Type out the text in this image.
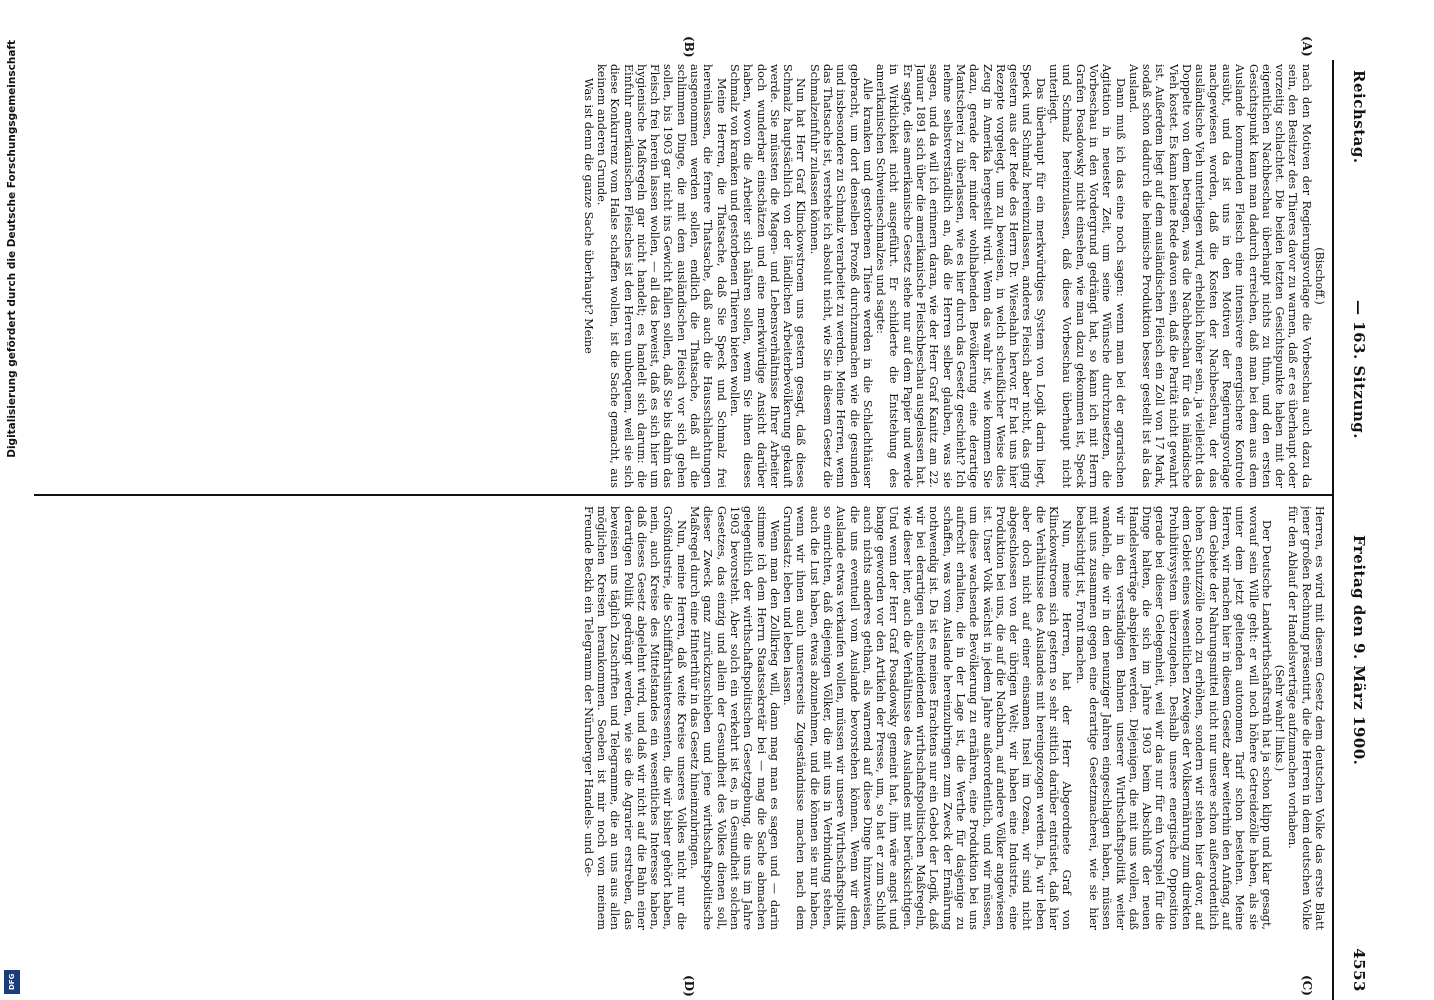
Reichstag.
— 163. Sitzung.
Freitag den 9. März 1900.
4553
(A)
(B)
(C)
(D)

(Bischoff.)

nach den Motiven der Regierungsvorlage die Vorbeschau auch dazu da sein, den Besitzer des Thieres davor zu warnen, daß er es überhaupt oder vorzeitig schlachtet. Die beiden letzten Gesichtspunkte haben mit der eigentlichen Nachbeschau überhaupt nichts zu thun, und den ersten Gesichtspunkt kann man dadurch erreichen, daß man bei dem aus dem Auslande kommenden Fleisch eine intensivere energischere Kontrole ausübt, und da ist uns in den Motiven der Regierungsvorlage nachgewiesen worden, daß die Kosten der Nachbeschau, der das ausländische Vieh unterliegen wird, erheblich höher sein, ja vielleicht das Doppelte von dem betragen, was die Nachbeschau für das inländische Vieh kostet. Es kann keine Rede davon sein, daß die Parität nicht gewahrt ist. Außerdem liegt auf dem ausländischen Fleisch ein Zoll von 17 Mark, sodaß schon dadurch die heimische Produktion besser gestellt ist als das Ausland.

Dann muß ich das eine noch sagen: wenn man bei der agrarischen Agitation in neuester Zeit, um seine Wünsche durchzusetzen, die Vorbeschau in den Vordergrund gedrängt hat, so kann ich mit Herrn Grafen Posadowsky nicht einsehen, wie man dazu gekommen ist, Speck und Schmalz hereinzulassen, daß diese Vorbeschau überhaupt nicht unterliegt.

Das überhaupt für ein merkwürdiges System von Logik darin liegt, Speck und Schmalz hereinzulassen, anderes Fleisch aber nicht, das ging gestern aus der Rede des Herrn Dr. Wiesehahn hervor. Er hat uns hier Rezepte vorgelegt, um zu beweisen, in welch scheußlicher Weise dies Zeug in Amerika hergestellt wird. Wenn das wahr ist, wie kommen Sie dazu, gerade der minder wohlhabenden Bevölkerung eine derartige Mantscherei zu überlassen, wie es hier durch das Gesetz geschieht? Ich nehme selbstverständlich an, daß die Herren selber glauben, was sie sagen, und da will ich erinnern daran, wie der Herr Graf Kanitz am 22. Januar 1891 sich über die amerikanische Fleischbeschau ausgelassen hat. Er sagte, dies amerikanische Gesetz stehe nur auf dem Papier und werde in Wirklichkeit nicht ausgeführt. Er schilderte die Entstehung des amerikanischen Schweineschmalzes und sagte:

Alle kranken und gestorbenen Thiere werden in die Schlachthäuser gebracht, um dort denselben Prozeß durchzumachen wie die gesunden und insbesondere zu Schmalz verarbeitet zu werden. Meine Herren, wenn das Thatsache ist, verstehe ich absolut nicht, wie Sie in diesem Gesetz die Schmalzeinfuhr zulassen können.

Nun hat Herr Graf Klinckowstroem uns gestern gesagt, daß dieses Schmalz hauptsächlich von der ländlichen Arbeiterbevölkerung gekauft werde. Sie müssten die Magen- und Lebensverhältnisse Ihrer Arbeiter doch wunderbar einschätzen und eine merkwürdige Ansicht darüber haben, wovon die Arbeiter sich nähren sollen, wenn Sie ihnen dieses Schmalz von kranken und gestorbenen Thieren bieten wollen.

Meine Herren, die Thatsache, daß Sie Speck und Schmalz frei hereinlassen, die fernere Thatsache, daß auch die Hausschlachtungen ausgenommen werden sollen, endlich die Thatsache, daß all die schlimmen Dinge, die mit dem ausländischen Fleisch vor sich gehen sollen, bis 1903 gar nicht ins Gewicht fallen sollen, daß Sie bis dahin das Fleisch frei herein lassen wollen, — all das beweist, daß es sich hier um hygienische Maßregeln gar nicht handelt; es handelt sich darum: die Einfuhr amerikanischen Fleisches ist den Herren unbequem, weil sie sich diese Konkurrenz vom Halse schaffen wollen, ist die Sache gemacht, aus keinem anderen Grunde.

Was ist denn die ganze Sache überhaupt? Meine

Herren, es wird mit diesem Gesetz dem deutschen Volke das erste Blatt jener großen Rechnung präsentirt, die die Herren in dem deutschen Volke für den Ablauf der Handelsverträge aufzumachen vorhaben.

(Sehr wahr! links.)

Der Deutsche Landwirthschaftsrath hat ja schon klipp und klar gesagt, worauf sein Wille geht: er will noch höhere Getreidezölle haben, als sie unter dem jetzt geltenden autonomen Tarif schon bestehen. Meine Herren, wir machen hier in diesem Gesetz aber weiterhin den Anfang, auf dem Gebiete der Nahrungsmittel nicht nur unsere schon außerordentlich hohen Schutzzölle noch zu erhöhen, sondern wir stehen hier davor, auf dem Gebiet eines wesentlichen Zweiges der Volksernährung zum direkten Prohibitivsystem überzugehen. Deshalb unsere energische Opposition gerade bei dieser Gelegenheit, weil wir das nur für ein Vorspiel für die Dinge halten, die sich im Jahre 1903 beim Abschluß der neuen Handelsverträge abspielen werden. Diejenigen, die mit uns wollen, daß wir in den verständigen Bahnen unserer Wirthschaftspolitik weiter wandeln, die wir in den neunziger Jahren eingeschlagen haben, müssen mit uns zusammen gegen eine derartige Gesetzmacherei, wie sie hier beabsichtigt ist, Front machen.

Nun, meine Herren, hat der Herr Abgeordnete Graf von Klinckowstroem sich gestern so sehr sittlich darüber entrüstet, daß hier die Verhältnisse des Auslandes mit hereingezogen werden. Ja, wir leben aber doch nicht auf einer einsamen Insel im Ozean, wir sind nicht abgeschlossen von der übrigen Welt; wir haben eine Industrie, eine Produktion bei uns, die auf die Nachbarn, auf andere Völker angewiesen ist. Unser Volk wächst in jedem Jahre außerordentlich, und wir müssen, um diese wachsende Bevölkerung zu ernähren, eine Produktion bei uns aufrecht erhalten, die in der Lage ist, die Werthe für dasjenige zu schaffen, was vom Auslande hereinzubringen zum Zweck der Ernährung nothwendig ist. Da ist es meines Erachtens nur ein Gebot der Logik, daß wir bei derartigen einschneidenden wirthschaftspolitischen Maßregeln, wie dieser hier, auch die Verhältnisse des Auslandes mit berücksichtigen. Und wenn der Herr Graf Posadowsky gemeint hat, ihm wäre angst und bange geworden vor den Artikeln der Presse, um, so hat er zum Schluß auch nichts anderes gethan, als warnend auf diese Dinge hinzuweisen, die uns eventuell vom Auslande bevorstehen können. Wenn wir dem Auslande etwas verkaufen wollen, müssen wir unsere Wirthschaftspolitik so einrichten, daß diejenigen Völker, die mit uns in Verbindung stehen, auch die Lust haben, etwas abzunehmen, und die können sie nur haben, wenn wir ihnen auch unsererseits Zugeständnisse machen nach dem Grundsatz: leben und leben lassen.

Wenn man den Zollkrieg will, dann mag man es sagen und — darin stimme ich dem Herrn Staatssekretär bei — mag die Sache abmachen gelegentlich der wirthschaftspolitischen Gesetzgebung, die uns im Jahre 1903 bevorsteht. Aber solch ein verkehrt ist es, in Gesundheit solchen Gesetzes, das einzig und allein der Gesundheit des Volkes dienen soll, dieser Zweck ganz zurückzuschieben und jene wirthschaftspolitische Maßregel durch eine Hinterthür in das Gesetz hineinzubringen.

Nun, meine Herren, daß weite Kreise unseres Volkes nicht nur die Großindustrie, die Schifffahrtsinteressenten, die wir bisher gehört haben, nein, auch Kreise des Mittelstandes ein wesentliches Interesse haben, daß dieses Gesetz abgelehnt wird, und daß wir nicht auf die Bahn einer derartigen Politik gedrängt werden, wie sie die Agrarier erstreben, das beweisen uns täglich Zuschriften und Telegramme, die an uns aus allen möglichen Kreisen herankommen. Soeben ist mir noch von meinem Freunde Beckh ein Telegramm der Nürnberger Handels- und Ge-

Digitalisierung gefördert durch die Deutsche Forschungsgemeinschaft
DFG
